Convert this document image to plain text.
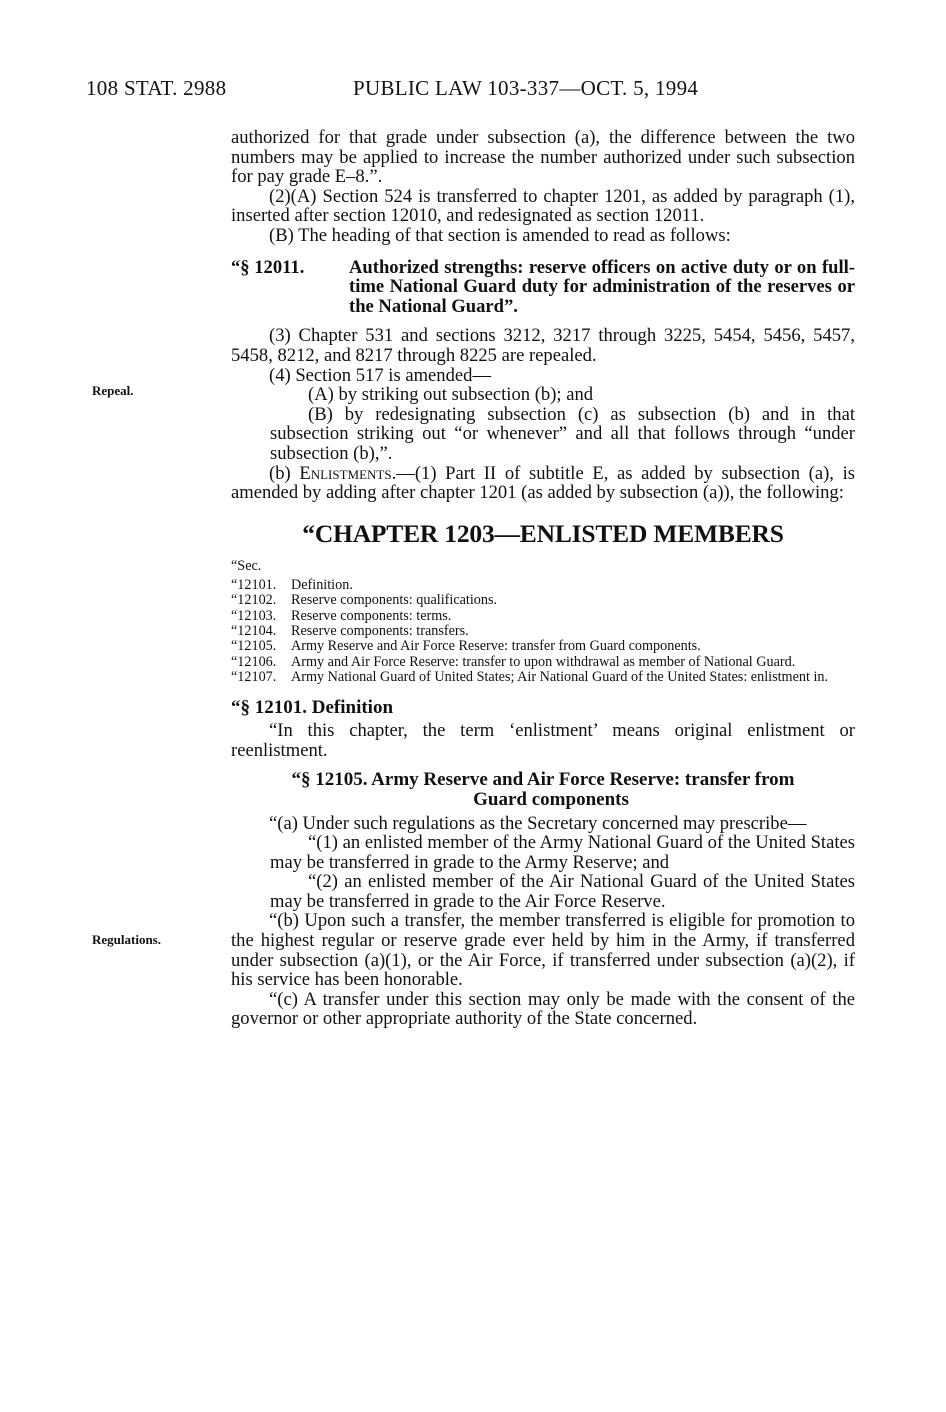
108 STAT. 2988	PUBLIC LAW 103-337—OCT. 5, 1994
Repeal.
Regulations.

authorized for that grade under subsection (a), the difference between the two numbers may be applied to increase the number authorized under such subsection for pay grade E–8.”.

(2)(A) Section 524 is transferred to chapter 1201, as added by paragraph (1), inserted after section 12010, and redesignated as section 12011.

(B) The heading of that section is amended to read as follows:

“§ 12011. Authorized strengths: reserve officers on active duty or on full-time National Guard duty for administration of the reserves or the National Guard”.

(3) Chapter 531 and sections 3212, 3217 through 3225, 5454, 5456, 5457, 5458, 8212, and 8217 through 8225 are repealed.

(4) Section 517 is amended—

(A) by striking out subsection (b); and

(B) by redesignating subsection (c) as subsection (b) and in that subsection striking out “or whenever” and all that follows through “under subsection (b),”.

(b) Enlistments.—(1) Part II of subtitle E, as added by subsection (a), is amended by adding after chapter 1201 (as added by subsection (a)), the following:

“CHAPTER 1203—ENLISTED MEMBERS
“Sec.
“12101.	Definition.
“12102.	Reserve components: qualifications.
“12103.	Reserve components: terms.
“12104.	Reserve components: transfers.
“12105.	Army Reserve and Air Force Reserve: transfer from Guard components.
“12106.	Army and Air Force Reserve: transfer to upon withdrawal as member of National Guard.
“12107.	Army National Guard of United States; Air National Guard of the United States: enlistment in.
“§ 12101. Definition

“In this chapter, the term ‘enlistment’ means original enlistment or reenlistment.

“§ 12105. Army Reserve and Air Force Reserve: transfer from
Guard components

“(a) Under such regulations as the Secretary concerned may prescribe—

“(1) an enlisted member of the Army National Guard of the United States may be transferred in grade to the Army Reserve; and

“(2) an enlisted member of the Air National Guard of the United States may be transferred in grade to the Air Force Reserve.

“(b) Upon such a transfer, the member transferred is eligible for promotion to the highest regular or reserve grade ever held by him in the Army, if transferred under subsection (a)(1), or the Air Force, if transferred under subsection (a)(2), if his service has been honorable.

“(c) A transfer under this section may only be made with the consent of the governor or other appropriate authority of the State concerned.
